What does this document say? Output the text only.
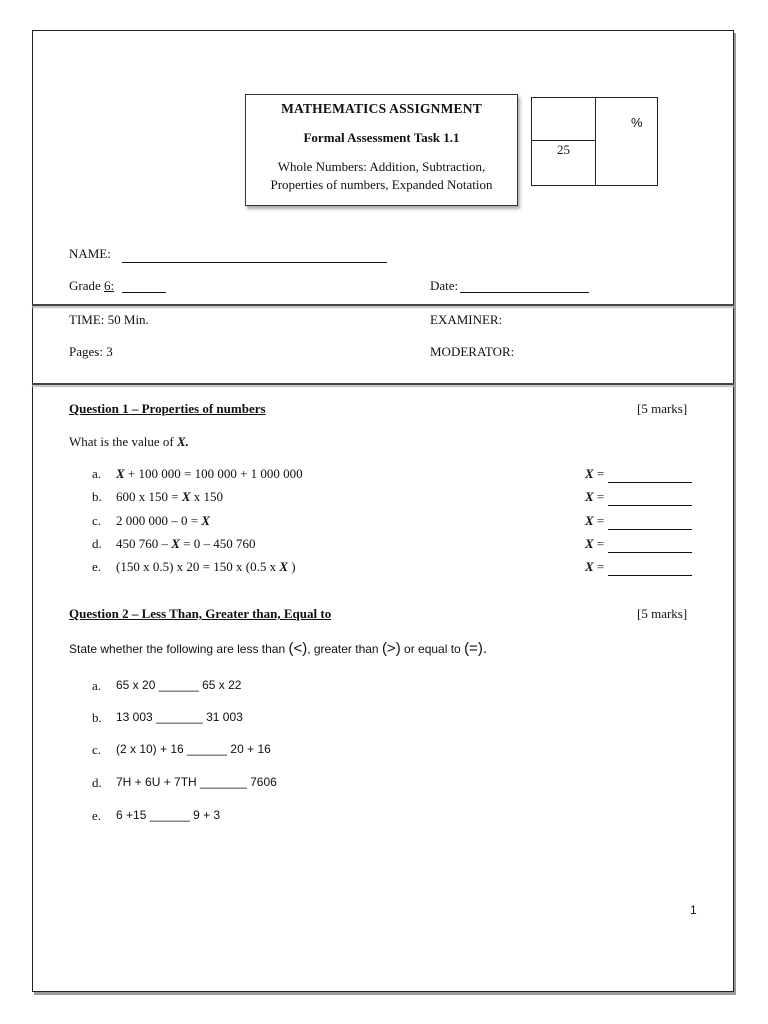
MATHEMATICS ASSIGNMENT
Formal Assessment Task 1.1
Whole Numbers: Addition, Subtraction,
Properties of numbers, Expanded Notation
25
%
NAME:
Grade 6:	Date:
TIME: 50 Min.	EXAMINER:
Pages: 3	MODERATOR:
Question 1 – Properties of numbers	[5 marks]
What is the value of X.
a. X + 100 000 = 100 000 + 1 000 000	X =
b. 600 x 150 = X x 150	X =
c. 2 000 000 – 0 = X	X =
d. 450 760 – X = 0 – 450 760	X =
e. (150 x 0.5) x 20 = 150 x (0.5 x X )	X =
Question 2 – Less Than, Greater than, Equal to	[5 marks]
State whether the following are less than (<), greater than (>) or equal to (=).
a. 65 x 20 ______ 65 x 22
b. 13 003 _______ 31 003
c. (2 x 10) + 16 ______ 20 + 16
d. 7H + 6U + 7TH _______ 7606
e. 6 +15 ______ 9 + 3
1
